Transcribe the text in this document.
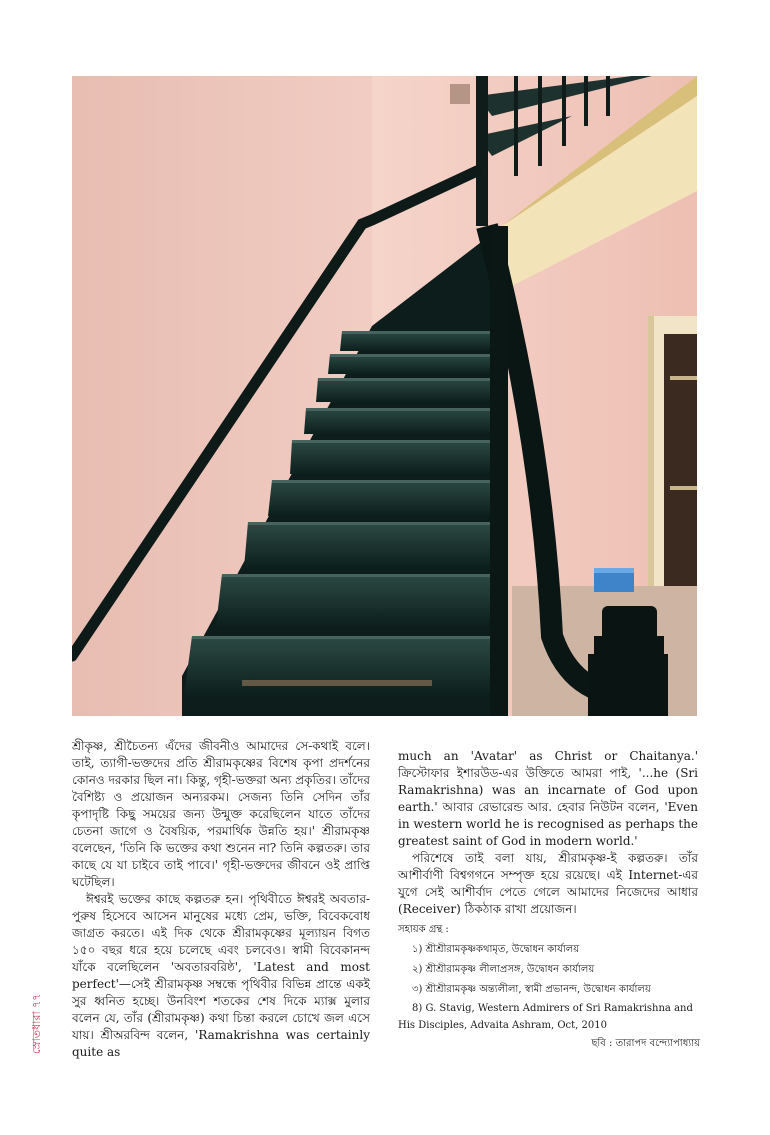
শ্রীকৃষ্ণ, শ্রীচৈতন্য এঁদের জীবনীও আমাদের সে-কথাই বলে। তাই, ত্যাগী-ভক্তদের প্রতি শ্রীরামকৃষ্ণের বিশেষ কৃপা প্রদর্শনের কোনও দরকার ছিল না। কিন্তু, গৃহী-ভক্তরা অন্য প্রকৃতির। তাঁদের বৈশিষ্ট্য ও প্রয়োজন অন্যরকম। সেজন্য তিনি সেদিন তাঁর কৃপাদৃষ্টি কিছু সময়ের জন্য উন্মুক্ত করেছিলেন যাতে তাঁদের চেতনা জাগে ও বৈষয়িক, পরমার্থিক উন্নতি হয়।' শ্রীরামকৃষ্ণ বলেছেন, 'তিনি কি ভক্তের কথা শুনেন না? তিনি কল্পতরু। তার কাছে যে যা চাইবে তাই পাবে।' গৃহী-ভক্তদের জীবনে ওই প্রাপ্তি ঘটেছিল।

ঈশ্বরই ভক্তের কাছে কল্পতরু হন। পৃথিবীতে ঈশ্বরই অবতার-পুরুষ হিসেবে আসেন মানুষের মধ্যে প্রেম, ভক্তি, বিবেকবোধ জাগ্রত করতে। এই দিক থেকে শ্রীরামকৃষ্ণের মূল্যায়ন বিগত ১৫০ বছর ধরে হয়ে চলেছে এবং চলবেও। স্বামী বিবেকানন্দ যাঁকে বলেছিলেন 'অবতারবরিষ্ঠ', 'Latest and most perfect'—সেই শ্রীরামকৃষ্ণ সম্বন্ধে পৃথিবীর বিভিন্ন প্রান্তে একই সুর ধ্বনিত হচ্ছে। উনবিংশ শতকের শেষ দিকে ম্যাক্স মুলার বলেন যে, তাঁর (শ্রীরামকৃষ্ণ) কথা চিন্তা করলে চোখে জল এসে যায়। শ্রীঅরবিন্দ বলেন, 'Ramakrishna was certainly quite as

much an 'Avatar' as Christ or Chaitanya.' ক্রিস্টোফার ইশারউড-এর উক্তিতে আমরা পাই, '...he (Sri Ramakrishna) was an incarnate of God upon earth.' আবার রেভারেন্ড আর. হেবার নিউটন বলেন, 'Even in western world he is recognised as perhaps the greatest saint of God in modern world.'

পরিশেষে তাই বলা যায়, শ্রীরামকৃষ্ণ-ই কল্পতরু। তাঁর আশীর্বাণী বিশ্বগগনে সম্পৃক্ত হয়ে রয়েছে। এই Internet-এর যুগে সেই আশীর্বাদ পেতে গেলে আমাদের নিজেদের আধার (Receiver) ঠিকঠাক রাখা প্রয়োজন।

সহায়ক গ্রন্থ :
১) শ্রীশ্রীরামকৃষ্ণকথামৃত, উদ্বোধন কার্যালয়
২) শ্রীশ্রীরামকৃষ্ণ লীলাপ্রসঙ্গ, উদ্বোধন কার্যালয়
৩) শ্রীশ্রীরামকৃষ্ণ অন্ত্যলীলা, স্বামী প্রভানন্দ, উদ্বোধন কার্যালয়
8) G. Stavig, Western Admirers of Sri Ramakrishna and His Disciples, Advaita Ashram, Oct, 2010
স্রোতধারা ৭৭	ছবি : তারাপদ বন্দ্যোপাধ্যায়
